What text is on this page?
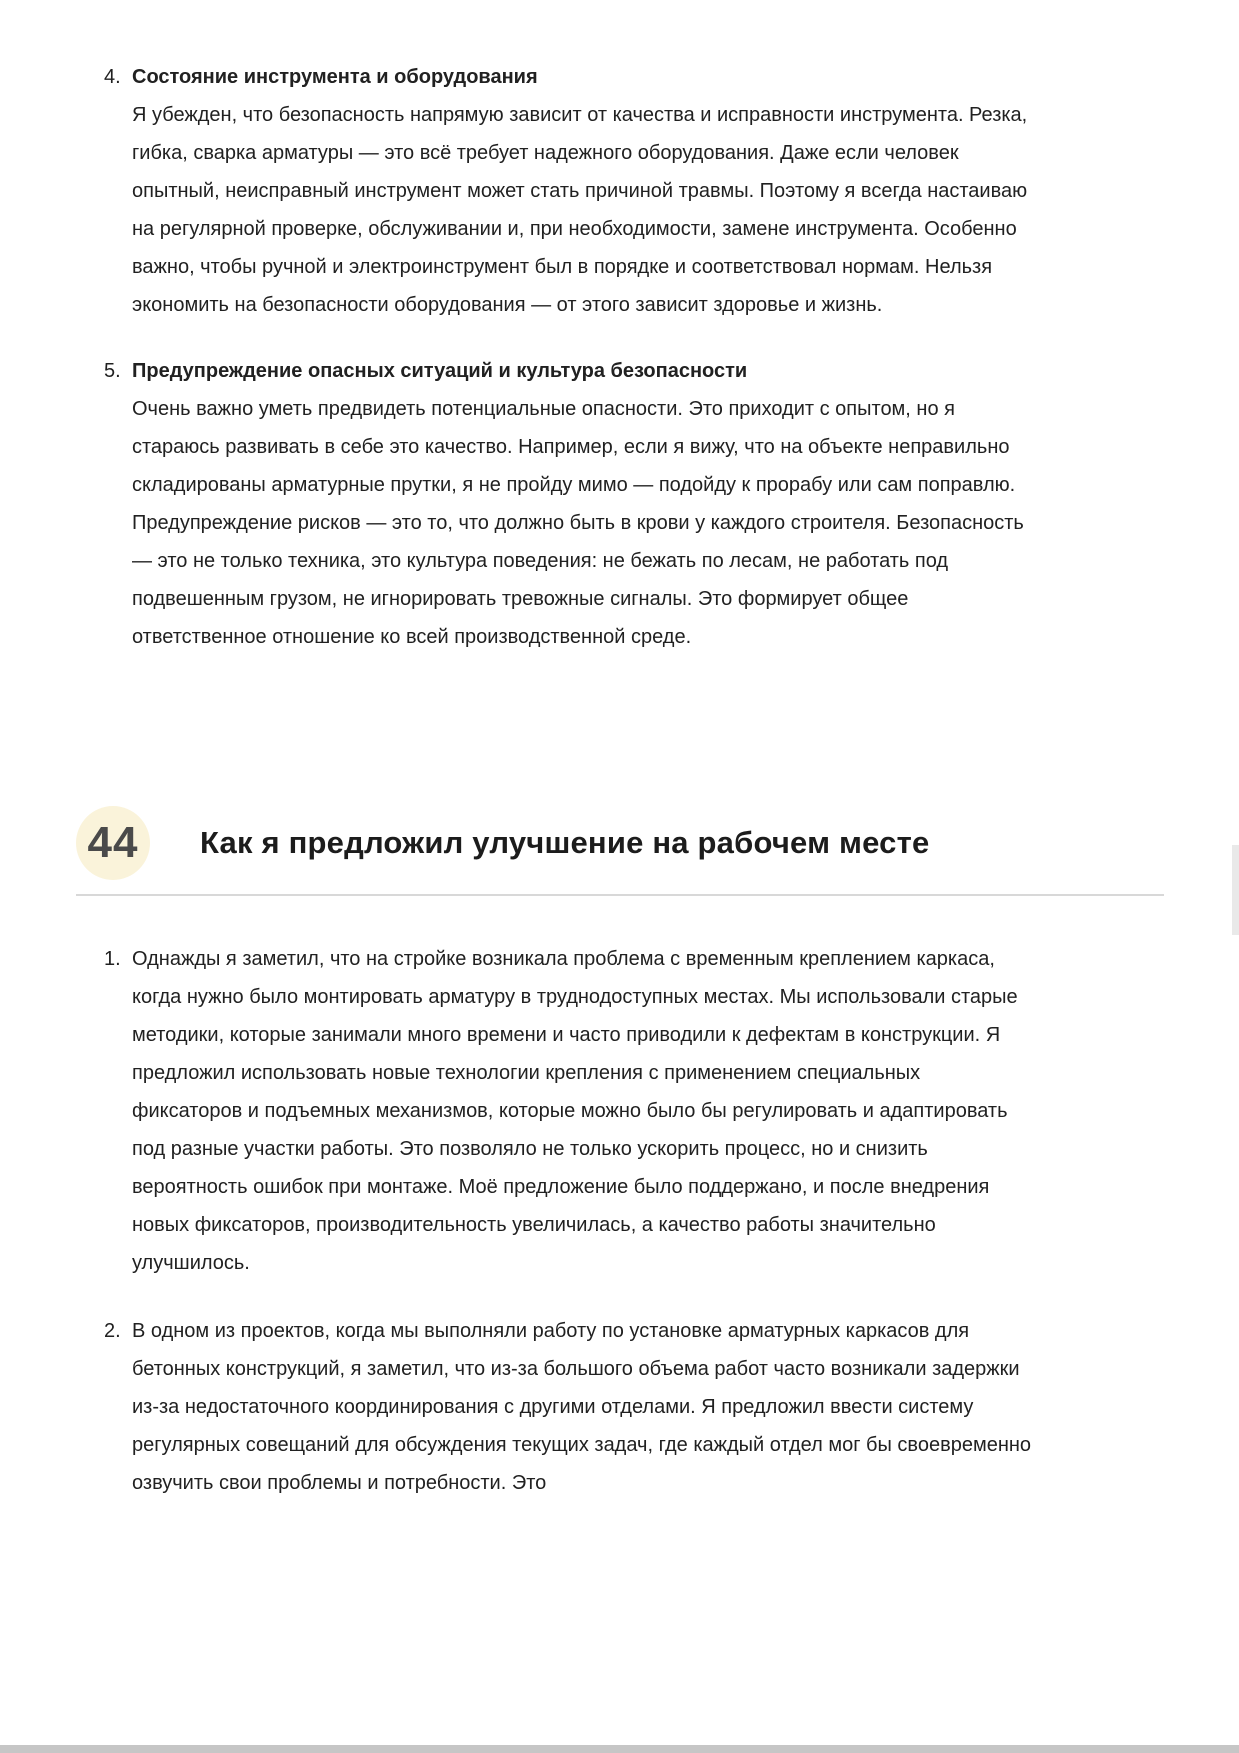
4. Состояние инструмента и оборудования
Я убежден, что безопасность напрямую зависит от качества и исправности инструмента. Резка, гибка, сварка арматуры — это всё требует надежного оборудования. Даже если человек опытный, неисправный инструмент может стать причиной травмы. Поэтому я всегда настаиваю на регулярной проверке, обслуживании и, при необходимости, замене инструмента. Особенно важно, чтобы ручной и электроинструмент был в порядке и соответствовал нормам. Нельзя экономить на безопасности оборудования — от этого зависит здоровье и жизнь.
5. Предупреждение опасных ситуаций и культура безопасности
Очень важно уметь предвидеть потенциальные опасности. Это приходит с опытом, но я стараюсь развивать в себе это качество. Например, если я вижу, что на объекте неправильно складированы арматурные прутки, я не пройду мимо — подойду к прорабу или сам поправлю. Предупреждение рисков — это то, что должно быть в крови у каждого строителя. Безопасность — это не только техника, это культура поведения: не бежать по лесам, не работать под подвешенным грузом, не игнорировать тревожные сигналы. Это формирует общее ответственное отношение ко всей производственной среде.
44 Как я предложил улучшение на рабочем месте
1. Однажды я заметил, что на стройке возникала проблема с временным креплением каркаса, когда нужно было монтировать арматуру в труднодоступных местах. Мы использовали старые методики, которые занимали много времени и часто приводили к дефектам в конструкции. Я предложил использовать новые технологии крепления с применением специальных фиксаторов и подъемных механизмов, которые можно было бы регулировать и адаптировать под разные участки работы. Это позволяло не только ускорить процесс, но и снизить вероятность ошибок при монтаже. Моё предложение было поддержано, и после внедрения новых фиксаторов, производительность увеличилась, а качество работы значительно улучшилось.
2. В одном из проектов, когда мы выполняли работу по установке арматурных каркасов для бетонных конструкций, я заметил, что из-за большого объема работ часто возникали задержки из-за недостаточного координирования с другими отделами. Я предложил ввести систему регулярных совещаний для обсуждения текущих задач, где каждый отдел мог бы своевременно озвучить свои проблемы и потребности. Это
